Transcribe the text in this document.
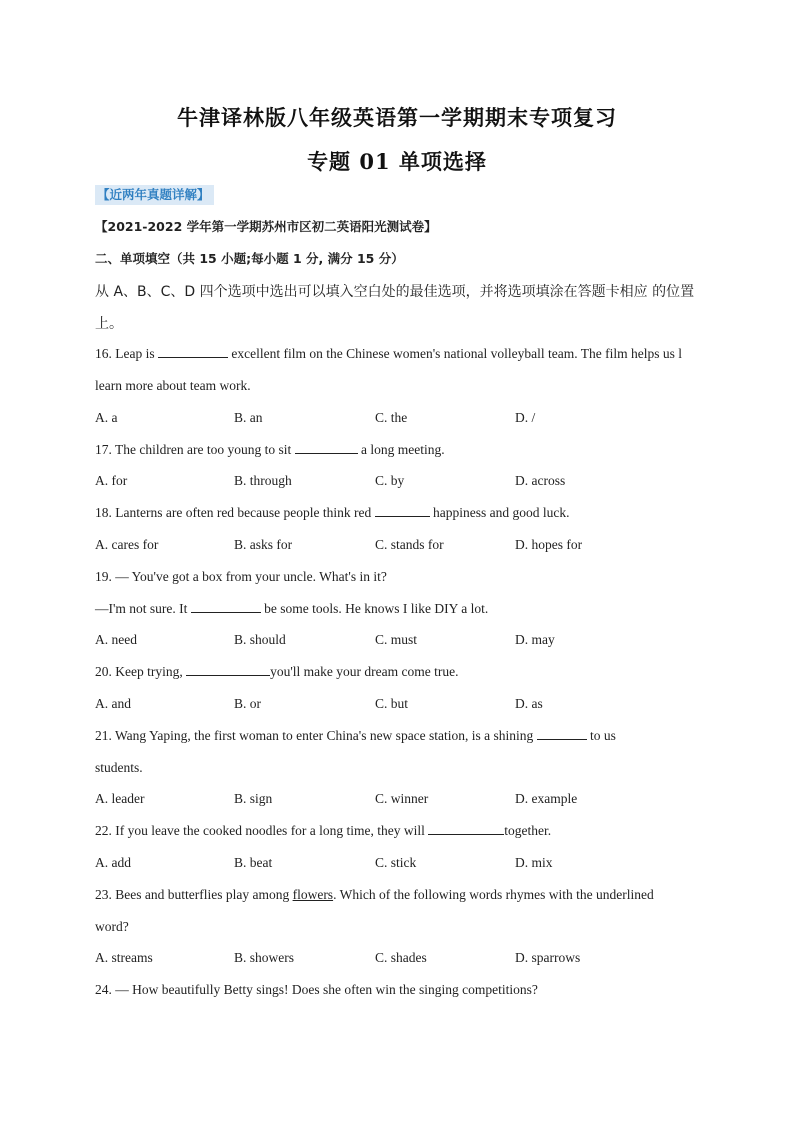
牛津译林版八年级英语第一学期期末专项复习
专题 01 单项选择
【近两年真题详解】
【2021-2022 学年第一学期苏州市区初二英语阳光测试卷】
二、单项填空（共 15 小题;每小题 1 分, 满分 15 分）
从 A、B、C、D 四个选项中选出可以填入空白处的最佳选项，并将选项填涂在答题卡相应 的位置
上。
16. Leap is	excellent film on the Chinese women's national volleyball team. The film helps us l
learn more about team work.
A. a	B. an	C. the	D. /
17. The children are too young to sit	a long meeting.
A. for	B. through	C. by	D. across
18. Lanterns are often red because people think red	happiness and good luck.
A. cares for	B. asks for	C. stands for	D. hopes for
19. — You've got a box from your uncle. What's in it?
—I'm not sure. It	be some tools. He knows I like DIY a lot.
A. need	B. should	C. must	D. may
20. Keep trying,	you'll make your dream come true.
A. and	B. or	C. but	D. as
21. Wang Yaping, the first woman to enter China's new space station, is a shining	to us
students.
A. leader	B. sign	C. winner	D. example
22. If you leave the cooked noodles for a long time, they will	together.
A. add	B. beat	C. stick	D. mix
23. Bees and butterflies play among flowers. Which of the following words rhymes with the underlined
word?
A. streams	B. showers	C. shades	D. sparrows
24. — How beautifully Betty sings! Does she often win the singing competitions?
